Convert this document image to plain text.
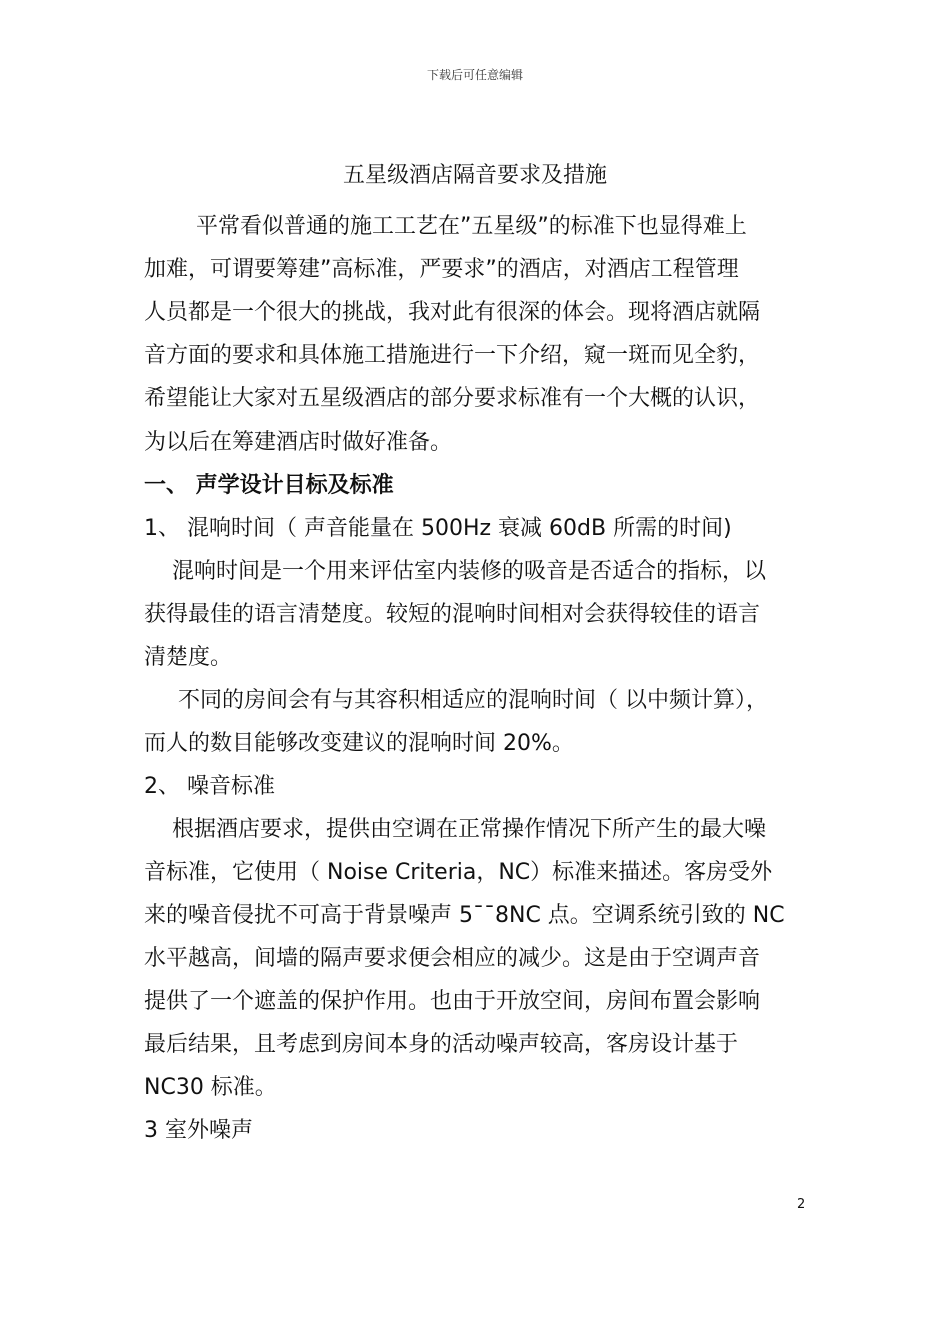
下载后可任意编辑
五星级酒店隔音要求及措施
平常看似普通的施工工艺在”五星级”的标准下也显得难上
加难，可谓要筹建”高标准，严要求”的酒店，对酒店工程管理
人员都是一个很大的挑战，我对此有很深的体会。现将酒店就隔
音方面的要求和具体施工措施进行一下介绍，窥一斑而见全豹，
希望能让大家对五星级酒店的部分要求标准有一个大概的认识，
为以后在筹建酒店时做好准备。
一、 声学设计目标及标准
1、 混响时间（ 声音能量在 500Hz 衰减 60dB 所需的时间)
混响时间是一个用来评估室内装修的吸音是否适合的指标，以
获得最佳的语言清楚度。较短的混响时间相对会获得较佳的语言
清楚度。
不同的房间会有与其容积相适应的混响时间（ 以中频计算），
而人的数目能够改变建议的混响时间 20%。
2、 噪音标准
根据酒店要求，提供由空调在正常操作情况下所产生的最大噪
音标准，它使用（ Noise Criteria，NC）标准来描述。客房受外
来的噪音侵扰不可高于背景噪声 5¯¯8NC 点。空调系统引致的 NC
水平越高，间墙的隔声要求便会相应的减少。这是由于空调声音
提供了一个遮盖的保护作用。也由于开放空间，房间布置会影响
最后结果，且考虑到房间本身的活动噪声较高，客房设计基于
NC30 标准。
3 室外噪声
2
